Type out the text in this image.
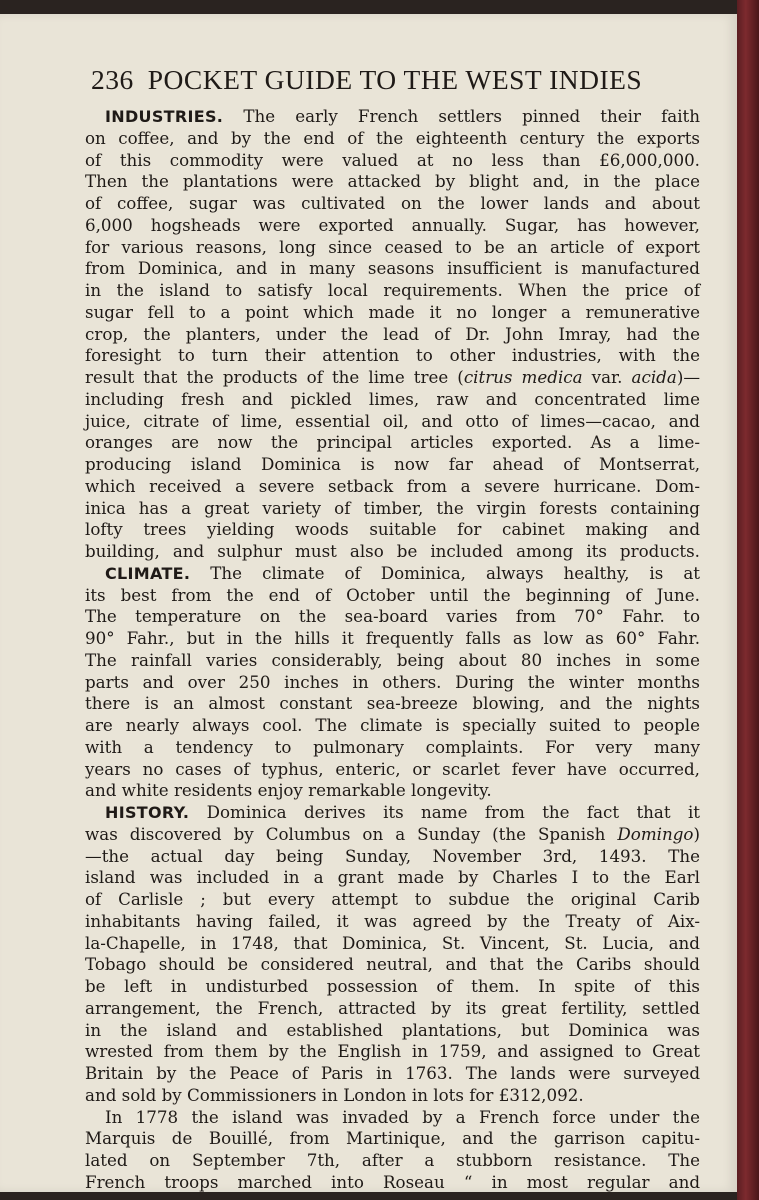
236 POCKET GUIDE TO THE WEST INDIES
INDUSTRIES. The early French settlers pinned their faith
on coffee, and by the end of the eighteenth century the exports
of this commodity were valued at no less than £6,000,000.
Then the plantations were attacked by blight and, in the place
of coffee, sugar was cultivated on the lower lands and about
6,000 hogsheads were exported annually. Sugar, has however,
for various reasons, long since ceased to be an article of export
from Dominica, and in many seasons insufficient is manufactured
in the island to satisfy local requirements. When the price of
sugar fell to a point which made it no longer a remunerative
crop, the planters, under the lead of Dr. John Imray, had the
foresight to turn their attention to other industries, with the
result that the products of the lime tree (citrus medica var. acida)—
including fresh and pickled limes, raw and concentrated lime
juice, citrate of lime, essential oil, and otto of limes—cacao, and
oranges are now the principal articles exported. As a lime-
producing island Dominica is now far ahead of Montserrat,
which received a severe setback from a severe hurricane. Dom-
inica has a great variety of timber, the virgin forests containing
lofty trees yielding woods suitable for cabinet making and
building, and sulphur must also be included among its products.
CLIMATE. The climate of Dominica, always healthy, is at
its best from the end of October until the beginning of June.
The temperature on the sea-board varies from 70° Fahr. to
90° Fahr., but in the hills it frequently falls as low as 60° Fahr.
The rainfall varies considerably, being about 80 inches in some
parts and over 250 inches in others. During the winter months
there is an almost constant sea-breeze blowing, and the nights
are nearly always cool. The climate is specially suited to people
with a tendency to pulmonary complaints. For very many
years no cases of typhus, enteric, or scarlet fever have occurred,
and white residents enjoy remarkable longevity.
HISTORY. Dominica derives its name from the fact that it
was discovered by Columbus on a Sunday (the Spanish Domingo)
—the actual day being Sunday, November 3rd, 1493. The
island was included in a grant made by Charles I to the Earl
of Carlisle ; but every attempt to subdue the original Carib
inhabitants having failed, it was agreed by the Treaty of Aix-
la-Chapelle, in 1748, that Dominica, St. Vincent, St. Lucia, and
Tobago should be considered neutral, and that the Caribs should
be left in undisturbed possession of them. In spite of this
arrangement, the French, attracted by its great fertility, settled
in the island and established plantations, but Dominica was
wrested from them by the English in 1759, and assigned to Great
Britain by the Peace of Paris in 1763. The lands were surveyed
and sold by Commissioners in London in lots for £312,092.
In 1778 the island was invaded by a French force under the
Marquis de Bouillé, from Martinique, and the garrison capitu-
lated on September 7th, after a stubborn resistance. The
French troops marched into Roseau “ in most regular and
